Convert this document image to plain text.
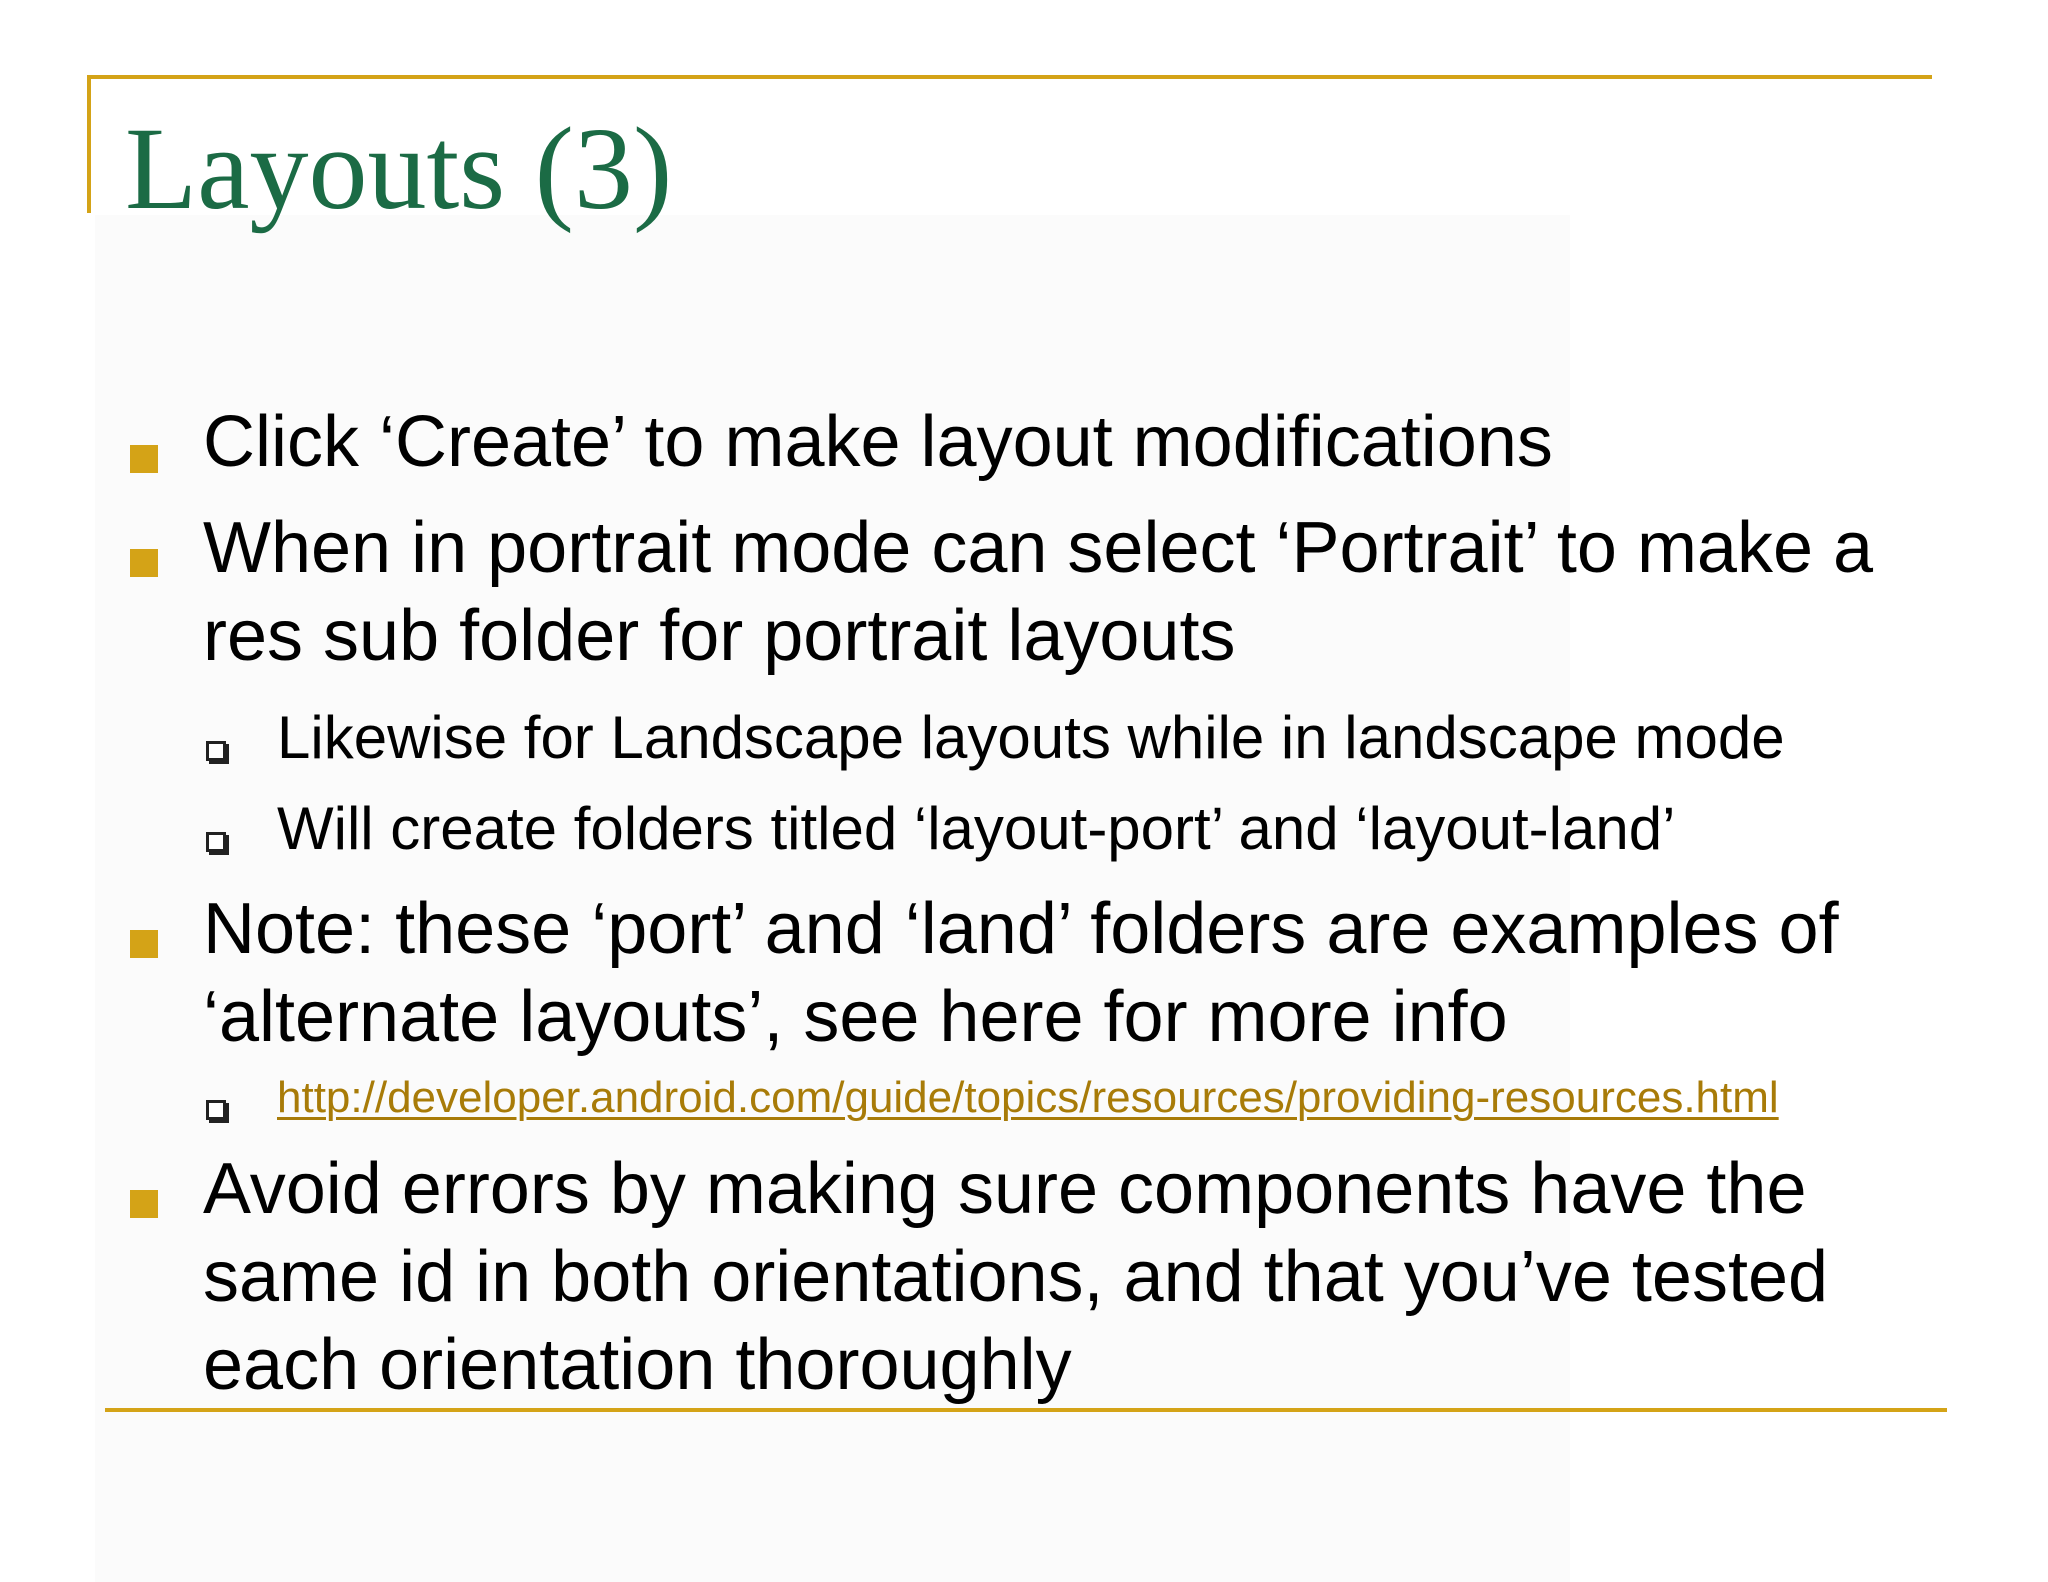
Layouts (3)

Click ‘Create’ to make layout modifications

When in portrait mode can select ‘Portrait’ to make a res sub folder for portrait layouts

Likewise for Landscape layouts while in landscape mode

Will create folders titled ‘layout-port’ and ‘layout-land’

Note: these ‘port’ and ‘land’ folders are examples of ‘alternate layouts’, see here for more info

http://developer.android.com/guide/topics/resources/providing-resources.html

Avoid errors by making sure components have the same id in both orientations, and that you’ve tested each orientation thoroughly
